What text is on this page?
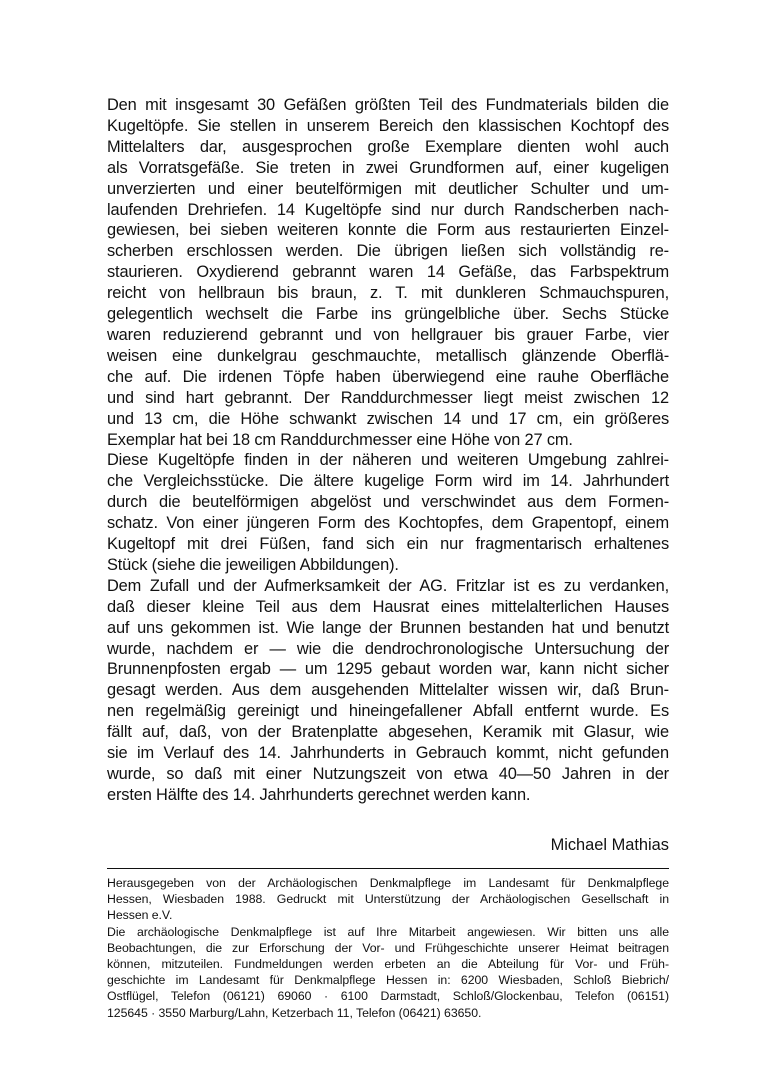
Den mit insgesamt 30 Gefäßen größten Teil des Fundmaterials bilden die
Kugeltöpfe. Sie stellen in unserem Bereich den klassischen Kochtopf des
Mittelalters dar, ausgesprochen große Exemplare dienten wohl auch
als Vorratsgefäße. Sie treten in zwei Grundformen auf, einer kugeligen
unverzierten und einer beutelförmigen mit deutlicher Schulter und um-
laufenden Drehriefen. 14 Kugeltöpfe sind nur durch Randscherben nach-
gewiesen, bei sieben weiteren konnte die Form aus restaurierten Einzel-
scherben erschlossen werden. Die übrigen ließen sich vollständig re-
staurieren. Oxydierend gebrannt waren 14 Gefäße, das Farbspektrum
reicht von hellbraun bis braun, z. T. mit dunkleren Schmauchspuren,
gelegentlich wechselt die Farbe ins grüngelbliche über. Sechs Stücke
waren reduzierend gebrannt und von hellgrauer bis grauer Farbe, vier
weisen eine dunkelgrau geschmauchte, metallisch glänzende Oberflä-
che auf. Die irdenen Töpfe haben überwiegend eine rauhe Oberfläche
und sind hart gebrannt. Der Randdurchmesser liegt meist zwischen 12
und 13 cm, die Höhe schwankt zwischen 14 und 17 cm, ein größeres
Exemplar hat bei 18 cm Randdurchmesser eine Höhe von 27 cm.
Diese Kugeltöpfe finden in der näheren und weiteren Umgebung zahlrei-
che Vergleichsstücke. Die ältere kugelige Form wird im 14. Jahrhundert
durch die beutelförmigen abgelöst und verschwindet aus dem Formen-
schatz. Von einer jüngeren Form des Kochtopfes, dem Grapentopf, einem
Kugeltopf mit drei Füßen, fand sich ein nur fragmentarisch erhaltenes
Stück (siehe die jeweiligen Abbildungen).
Dem Zufall und der Aufmerksamkeit der AG. Fritzlar ist es zu verdanken,
daß dieser kleine Teil aus dem Hausrat eines mittelalterlichen Hauses
auf uns gekommen ist. Wie lange der Brunnen bestanden hat und benutzt
wurde, nachdem er — wie die dendrochronologische Untersuchung der
Brunnenpfosten ergab — um 1295 gebaut worden war, kann nicht sicher
gesagt werden. Aus dem ausgehenden Mittelalter wissen wir, daß Brun-
nen regelmäßig gereinigt und hineingefallener Abfall entfernt wurde. Es
fällt auf, daß, von der Bratenplatte abgesehen, Keramik mit Glasur, wie
sie im Verlauf des 14. Jahrhunderts in Gebrauch kommt, nicht gefunden
wurde, so daß mit einer Nutzungszeit von etwa 40—50 Jahren in der
ersten Hälfte des 14. Jahrhunderts gerechnet werden kann.
Michael Mathias
Herausgegeben von der Archäologischen Denkmalpflege im Landesamt für Denkmalpflege
Hessen, Wiesbaden 1988. Gedruckt mit Unterstützung der Archäologischen Gesellschaft in
Hessen e.V.
Die archäologische Denkmalpflege ist auf Ihre Mitarbeit angewiesen. Wir bitten uns alle
Beobachtungen, die zur Erforschung der Vor- und Frühgeschichte unserer Heimat beitragen
können, mitzuteilen. Fundmeldungen werden erbeten an die Abteilung für Vor- und Früh-
geschichte im Landesamt für Denkmalpflege Hessen in: 6200 Wiesbaden, Schloß Biebrich/
Ostflügel, Telefon (06121) 69060 · 6100 Darmstadt, Schloß/Glockenbau, Telefon (06151)
125645 · 3550 Marburg/Lahn, Ketzerbach 11, Telefon (06421) 63650.
